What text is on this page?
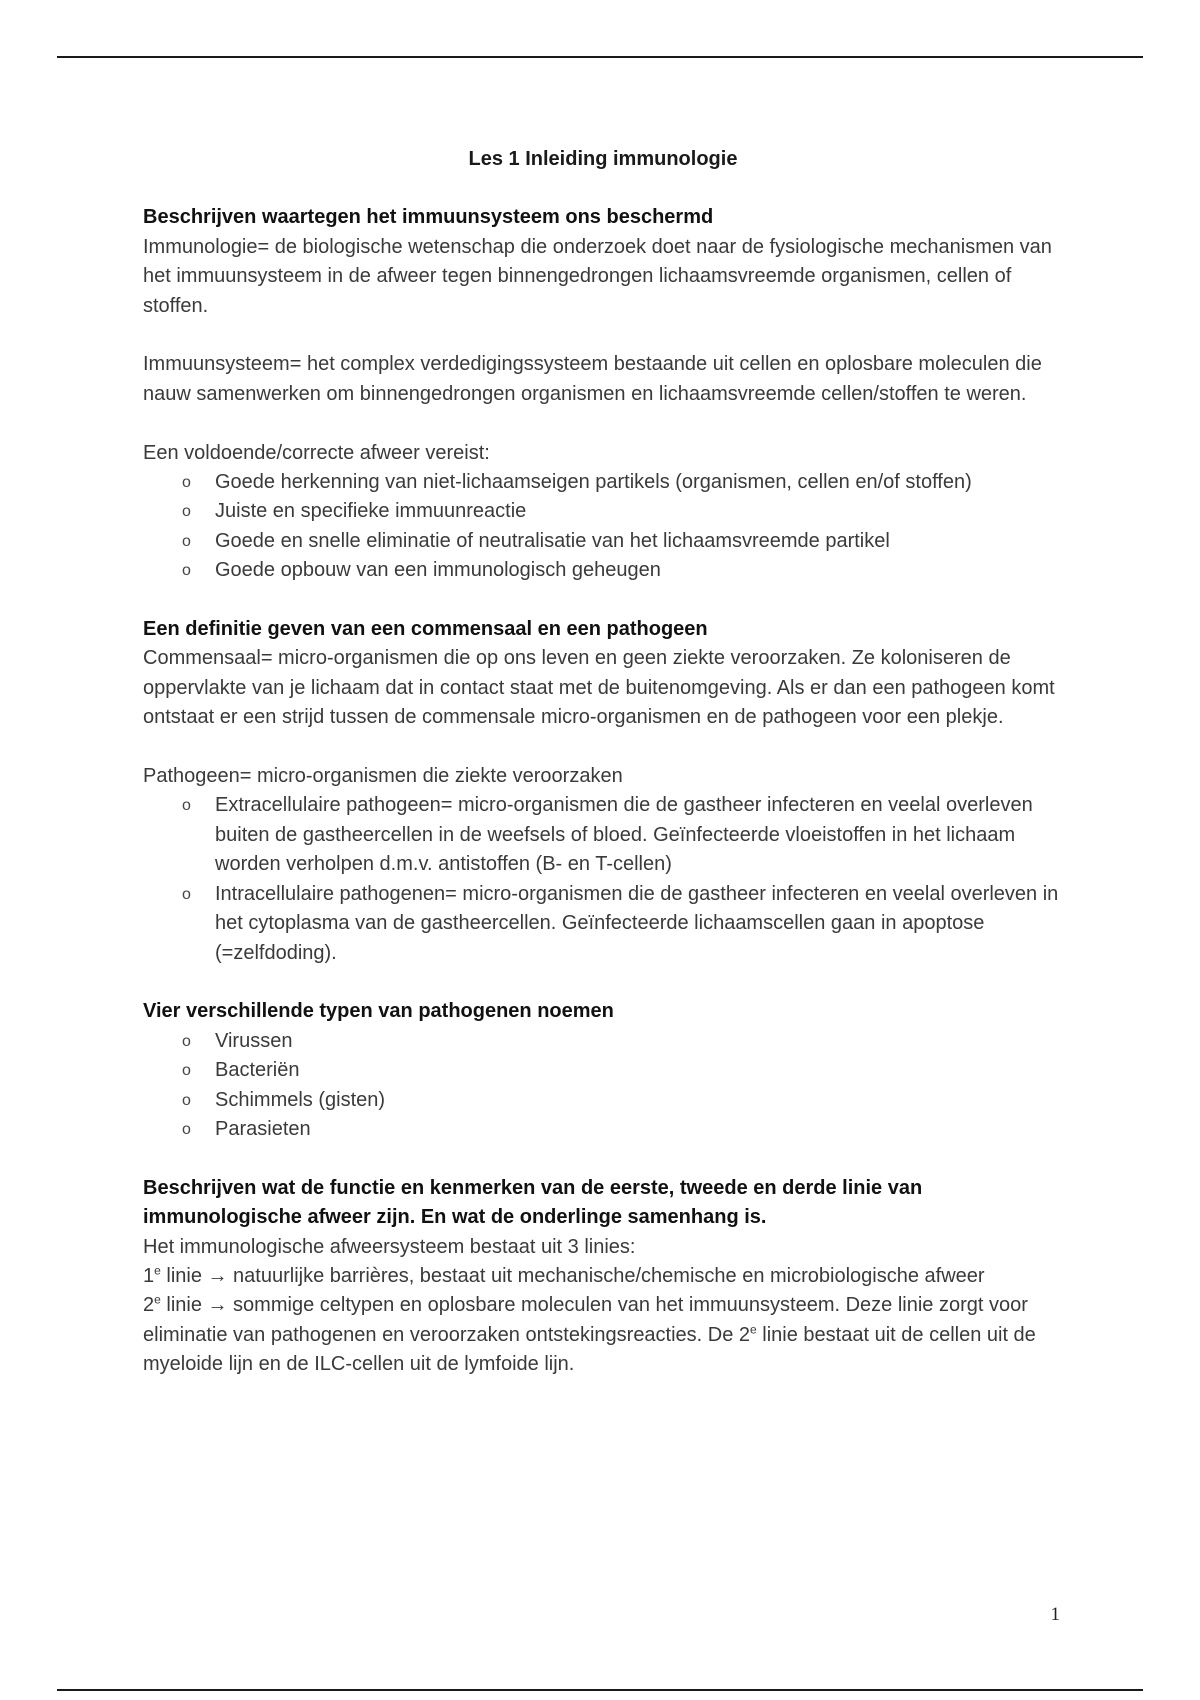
Les 1 Inleiding immunologie

Beschrijven waartegen het immuunsysteem ons beschermd

Immunologie= de biologische wetenschap die onderzoek doet naar de fysiologische mechanismen van het immuunsysteem in de afweer tegen binnengedrongen lichaamsvreemde organismen, cellen of stoffen.

Immuunsysteem= het complex verdedigingssysteem bestaande uit cellen en oplosbare moleculen die nauw samenwerken om binnengedrongen organismen en lichaamsvreemde cellen/stoffen te weren.

Een voldoende/correcte afweer vereist:

o Goede herkenning van niet-lichaamseigen partikels (organismen, cellen en/of stoffen)
o Juiste en specifieke immuunreactie
o Goede en snelle eliminatie of neutralisatie van het lichaamsvreemde partikel
o Goede opbouw van een immunologisch geheugen

Een definitie geven van een commensaal en een pathogeen

Commensaal= micro-organismen die op ons leven en geen ziekte veroorzaken. Ze koloniseren de oppervlakte van je lichaam dat in contact staat met de buitenomgeving. Als er dan een pathogeen komt ontstaat er een strijd tussen de commensale micro-organismen en de pathogeen voor een plekje.

Pathogeen= micro-organismen die ziekte veroorzaken

o Extracellulaire pathogeen= micro-organismen die de gastheer infecteren en veelal overleven buiten de gastheercellen in de weefsels of bloed. Geïnfecteerde vloeistoffen in het lichaam worden verholpen d.m.v. antistoffen (B- en T-cellen)
o Intracellulaire pathogenen= micro-organismen die de gastheer infecteren en veelal overleven in het cytoplasma van de gastheercellen. Geïnfecteerde lichaamscellen gaan in apoptose (=zelfdoding).

Vier verschillende typen van pathogenen noemen

o Virussen
o Bacteriën
o Schimmels (gisten)
o Parasieten

Beschrijven wat de functie en kenmerken van de eerste, tweede en derde linie van immunologische afweer zijn. En wat de onderlinge samenhang is.

Het immunologische afweersysteem bestaat uit 3 linies:

1e linie → natuurlijke barrières, bestaat uit mechanische/chemische en microbiologische afweer

2e linie → sommige celtypen en oplosbare moleculen van het immuunsysteem. Deze linie zorgt voor eliminatie van pathogenen en veroorzaken ontstekingsreacties. De 2e linie bestaat uit de cellen uit de myeloide lijn en de ILC-cellen uit de lymfoide lijn.

1
